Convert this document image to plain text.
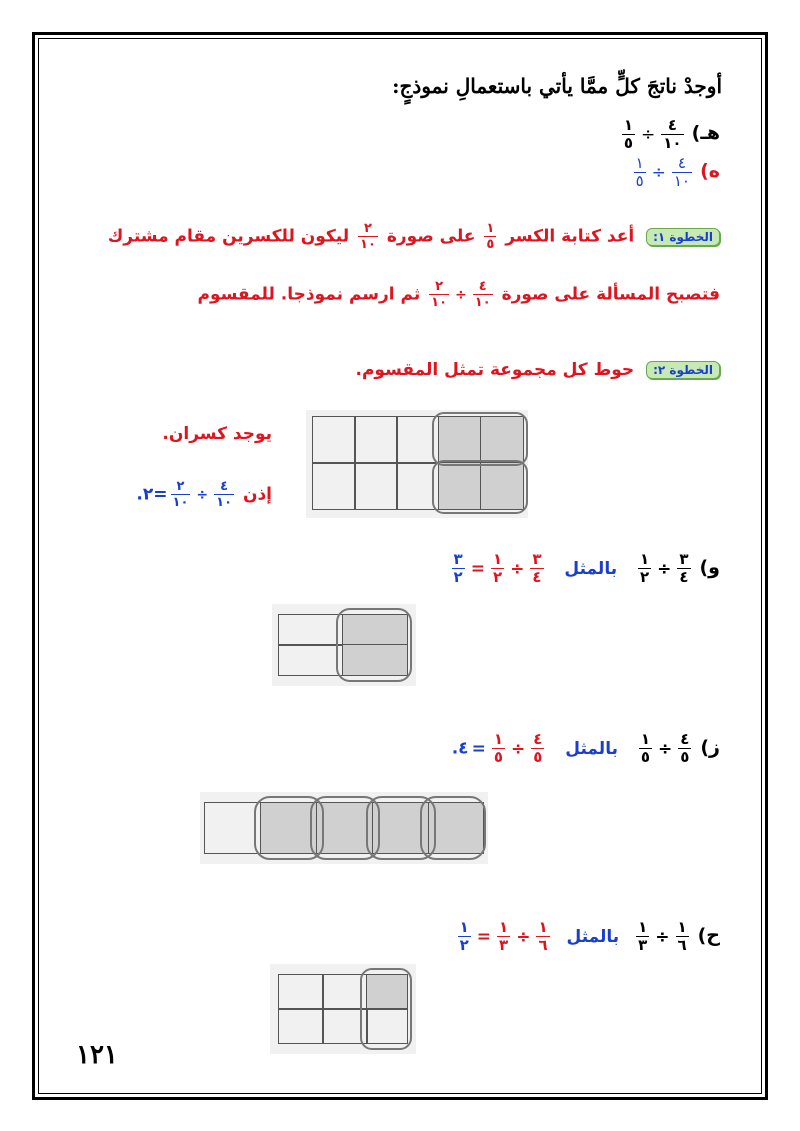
أوجدْ ناتجَ كلٍّ ممَّا يأتي باستعمالِ نموذجٍ:
هـ)
$\frac{٤}{١٠}$
÷
$\frac{١}{٥}$
ه)
$\frac{٤}{١٠}$
÷
$\frac{١}{٥}$
الخطوة ١: أعد كتابة الكسر
$\frac{١}{٥}$
على صورة
$\frac{٢}{١٠}$
ليكون للكسرين مقام مشترك
فتصبح المسألة على صورة
$\frac{٤}{١٠}$
÷
$\frac{٢}{١٠}$
ثم ارسم نموذجا. للمقسوم
الخطوة ٢: حوط كل مجموعة تمثل المقسوم.
يوجد كسران.
إذن
$\frac{٤}{١٠}$
÷
$\frac{٢}{١٠}$
=٢.
و)
$\frac{٣}{٤}$
÷
$\frac{١}{٢}$
بالمثل
$\frac{٣}{٤}$
÷
$\frac{١}{٢}$
=
$\frac{٣}{٢}$
ز)
$\frac{٤}{٥}$
÷
$\frac{١}{٥}$
بالمثل
$\frac{٤}{٥}$
÷
$\frac{١}{٥}$
=٤.
ح)
$\frac{١}{٦}$
÷
$\frac{١}{٣}$
بالمثل
$\frac{١}{٦}$
÷
$\frac{١}{٣}$
=
$\frac{١}{٢}$
١٢١
